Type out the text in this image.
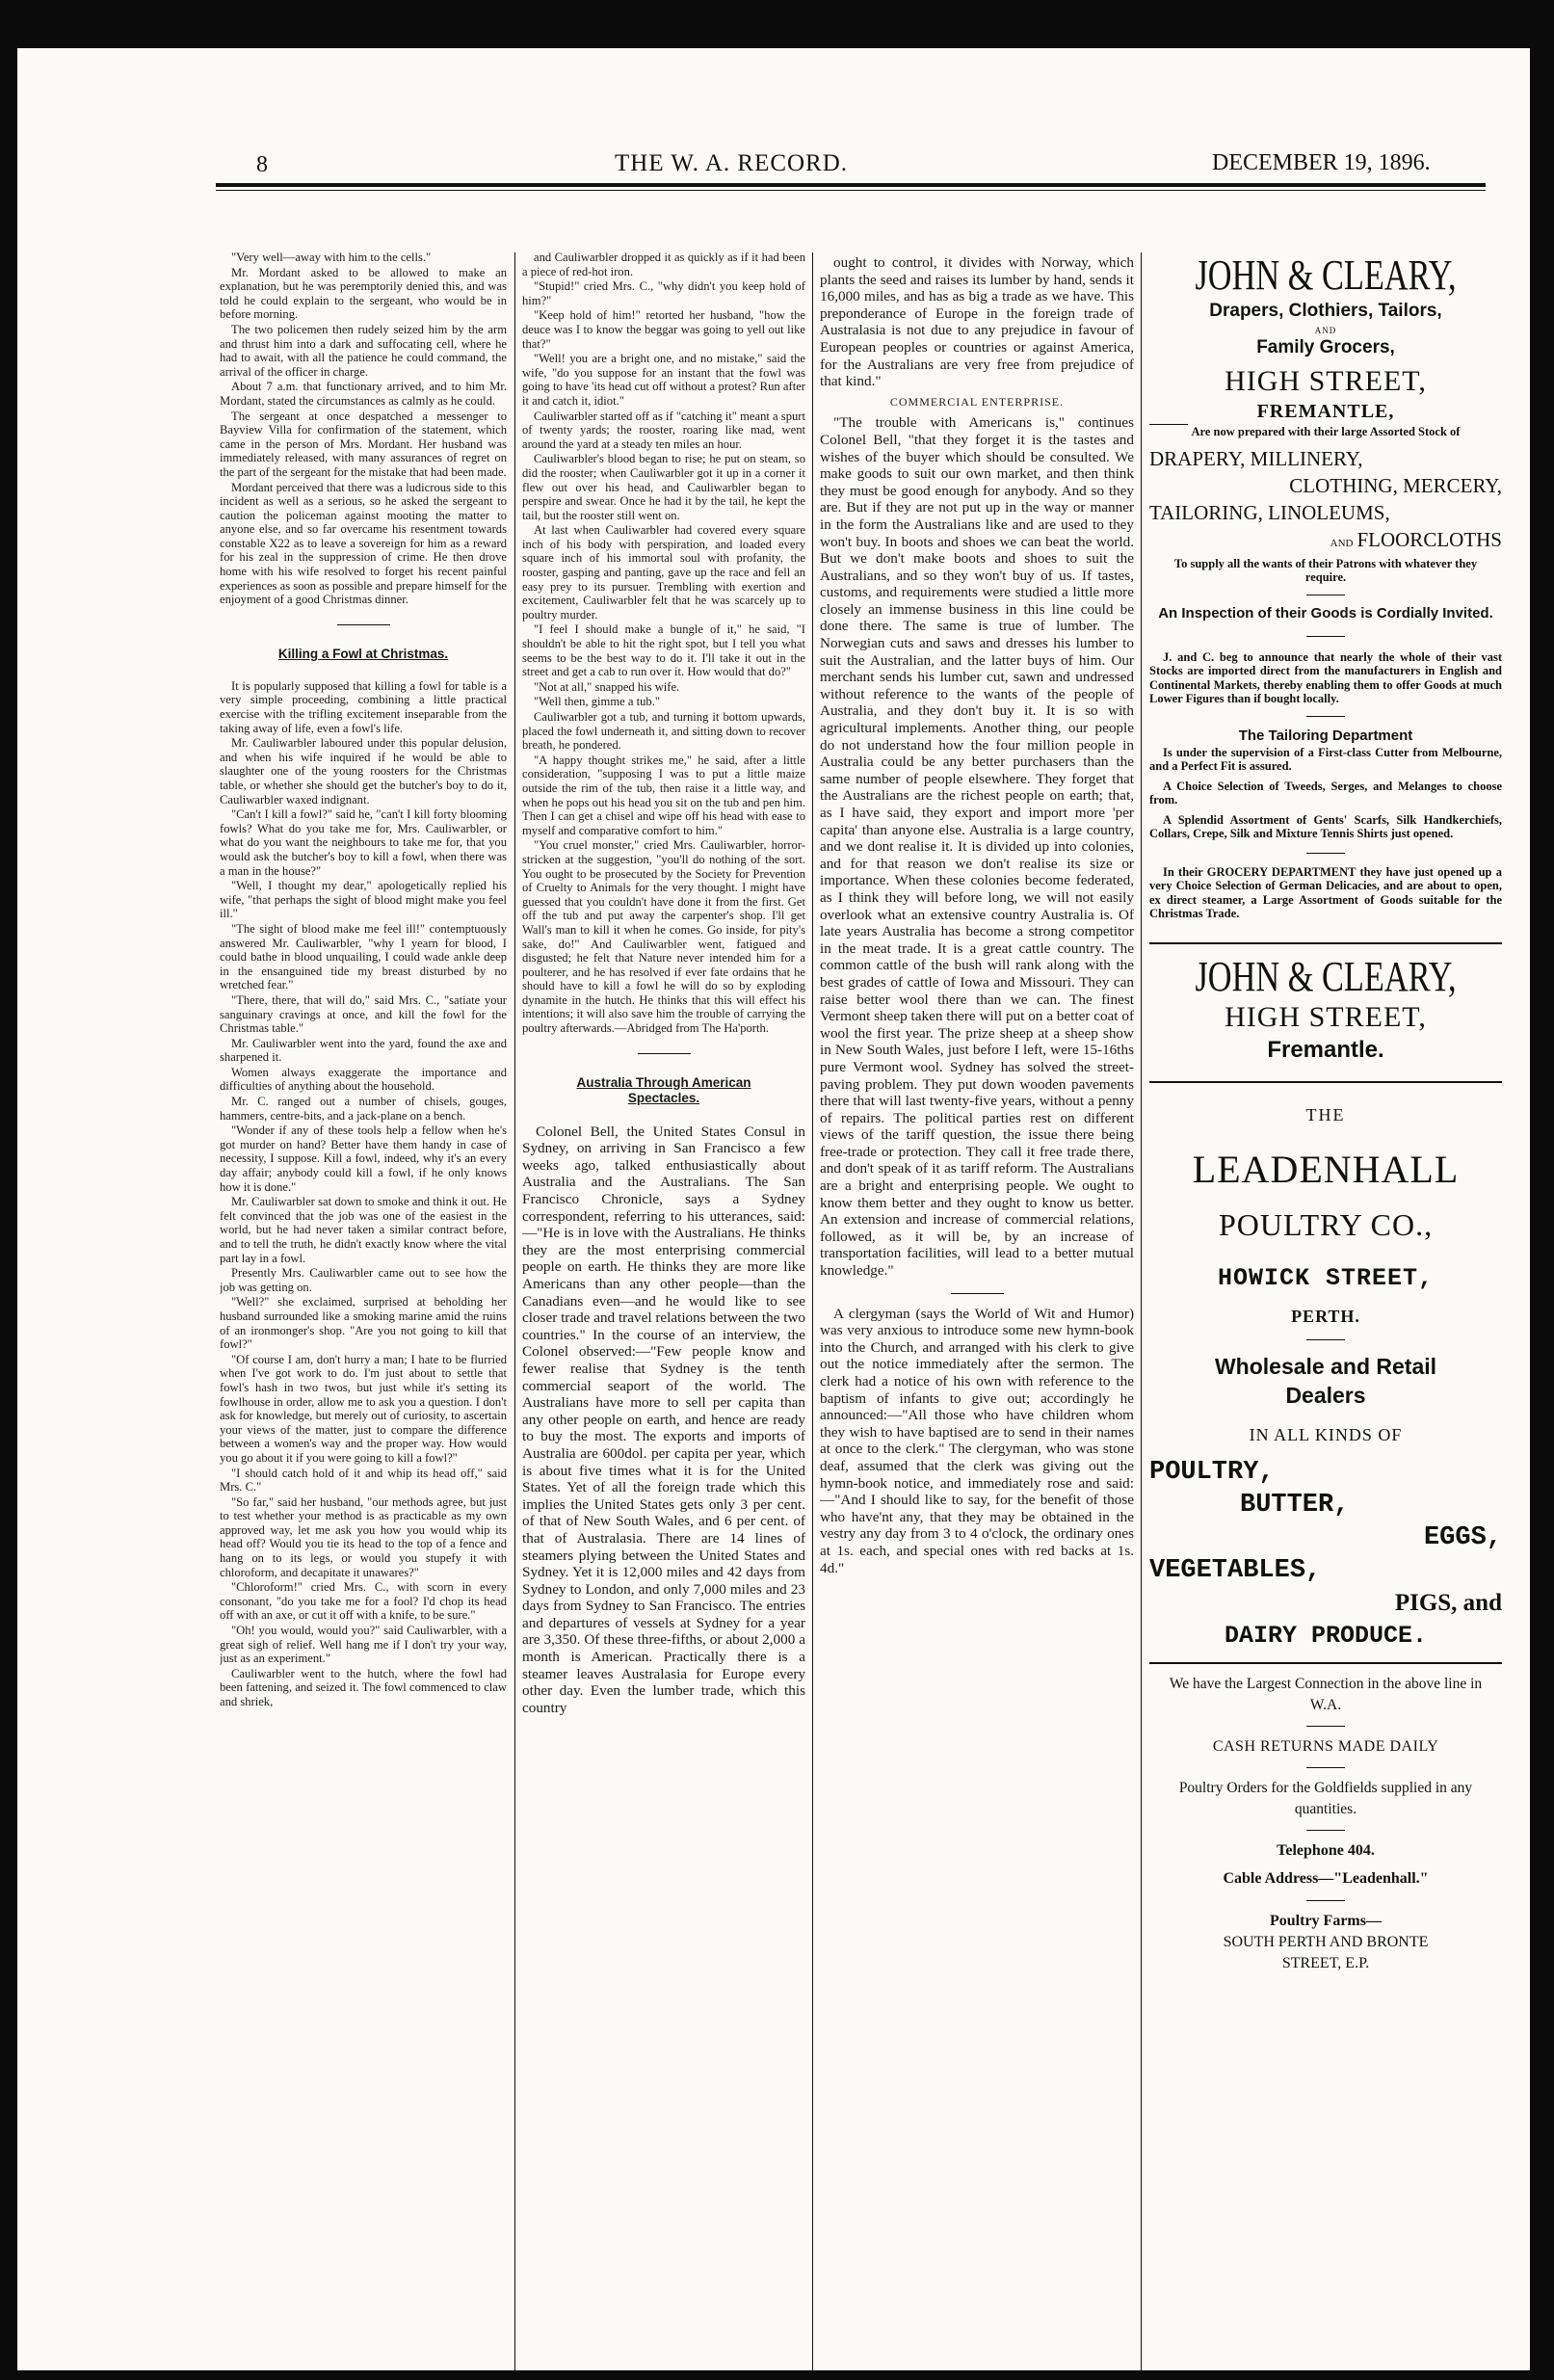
8	THE W. A. RECORD.	DECEMBER 19, 1896.

"Very well—away with him to the cells."

Mr. Mordant asked to be allowed to make an explanation, but he was peremptorily denied this, and was told he could explain to the sergeant, who would be in before morning.

The two policemen then rudely seized him by the arm and thrust him into a dark and suffocating cell, where he had to await, with all the patience he could command, the arrival of the officer in charge.

About 7 a.m. that functionary arrived, and to him Mr. Mordant, stated the circumstances as calmly as he could.

The sergeant at once despatched a messenger to Bayview Villa for confirmation of the statement, which came in the person of Mrs. Mordant. Her husband was immediately released, with many assurances of regret on the part of the sergeant for the mistake that had been made.

Mordant perceived that there was a ludicrous side to this incident as well as a serious, so he asked the sergeant to caution the policeman against mooting the matter to anyone else, and so far overcame his resentment towards constable X22 as to leave a sovereign for him as a reward for his zeal in the suppression of crime. He then drove home with his wife resolved to forget his recent painful experiences as soon as possible and prepare himself for the enjoyment of a good Christmas dinner.

Killing a Fowl at Christmas.

It is popularly supposed that killing a fowl for table is a very simple proceeding, combining a little practical exercise with the trifling excitement inseparable from the taking away of life, even a fowl's life.

Mr. Cauliwarbler laboured under this popular delusion, and when his wife inquired if he would be able to slaughter one of the young roosters for the Christmas table, or whether she should get the butcher's boy to do it, Cauliwarbler waxed indignant.

"Can't I kill a fowl?" said he, "can't I kill forty blooming fowls? What do you take me for, Mrs. Cauliwarbler, or what do you want the neighbours to take me for, that you would ask the butcher's boy to kill a fowl, when there was a man in the house?"

"Well, I thought my dear," apologetically replied his wife, "that perhaps the sight of blood might make you feel ill."

"The sight of blood make me feel ill!" contemptuously answered Mr. Cauliwarbler, "why I yearn for blood, I could bathe in blood unquailing, I could wade ankle deep in the ensanguined tide my breast disturbed by no wretched fear."

"There, there, that will do," said Mrs. C., "satiate your sanguinary cravings at once, and kill the fowl for the Christmas table."

Mr. Cauliwarbler went into the yard, found the axe and sharpened it.

Women always exaggerate the importance and difficulties of anything about the household.

Mr. C. ranged out a number of chisels, gouges, hammers, centre-bits, and a jack-plane on a bench.

"Wonder if any of these tools help a fellow when he's got murder on hand? Better have them handy in case of necessity, I suppose. Kill a fowl, indeed, why it's an every day affair; anybody could kill a fowl, if he only knows how it is done."

Mr. Cauliwarbler sat down to smoke and think it out. He felt convinced that the job was one of the easiest in the world, but he had never taken a similar contract before, and to tell the truth, he didn't exactly know where the vital part lay in a fowl.

Presently Mrs. Cauliwarbler came out to see how the job was getting on.

"Well?" she exclaimed, surprised at beholding her husband surrounded like a smoking marine amid the ruins of an ironmonger's shop. "Are you not going to kill that fowl?"

"Of course I am, don't hurry a man; I hate to be flurried when I've got work to do. I'm just about to settle that fowl's hash in two twos, but just while it's setting its fowlhouse in order, allow me to ask you a question. I don't ask for knowledge, but merely out of curiosity, to ascertain your views of the matter, just to compare the difference between a women's way and the proper way. How would you go about it if you were going to kill a fowl?"

"I should catch hold of it and whip its head off," said Mrs. C."

"So far," said her husband, "our methods agree, but just to test whether your method is as practicable as my own approved way, let me ask you how you would whip its head off? Would you tie its head to the top of a fence and hang on to its legs, or would you stupefy it with chloroform, and decapitate it unawares?"

"Chloroform!" cried Mrs. C., with scorn in every consonant, "do you take me for a fool? I'd chop its head off with an axe, or cut it off with a knife, to be sure."

"Oh! you would, would you?" said Cauliwarbler, with a great sigh of relief. Well hang me if I don't try your way, just as an experiment."

Cauliwarbler went to the hutch, where the fowl had been fattening, and seized it. The fowl commenced to claw and shriek,

and Cauliwarbler dropped it as quickly as if it had been a piece of red-hot iron.

"Stupid!" cried Mrs. C., "why didn't you keep hold of him?"

"Keep hold of him!" retorted her husband, "how the deuce was I to know the beggar was going to yell out like that?"

"Well! you are a bright one, and no mistake," said the wife, "do you suppose for an instant that the fowl was going to have 'its head cut off without a protest? Run after it and catch it, idiot."

Cauliwarbler started off as if "catching it" meant a spurt of twenty yards; the rooster, roaring like mad, went around the yard at a steady ten miles an hour.

Cauliwarbler's blood began to rise; he put on steam, so did the rooster; when Cauliwarbler got it up in a corner it flew out over his head, and Cauliwarbler began to perspire and swear. Once he had it by the tail, he kept the tail, but the rooster still went on.

At last when Cauliwarbler had covered every square inch of his body with perspiration, and loaded every square inch of his immortal soul with profanity, the rooster, gasping and panting, gave up the race and fell an easy prey to its pursuer. Trembling with exertion and excitement, Cauliwarbler felt that he was scarcely up to poultry murder.

"I feel I should make a bungle of it," he said, "I shouldn't be able to hit the right spot, but I tell you what seems to be the best way to do it. I'll take it out in the street and get a cab to run over it. How would that do?"

"Not at all," snapped his wife.

"Well then, gimme a tub."

Cauliwarbler got a tub, and turning it bottom upwards, placed the fowl underneath it, and sitting down to recover breath, he pondered.

"A happy thought strikes me," he said, after a little consideration, "supposing I was to put a little maize outside the rim of the tub, then raise it a little way, and when he pops out his head you sit on the tub and pen him. Then I can get a chisel and wipe off his head with ease to myself and comparative comfort to him."

"You cruel monster," cried Mrs. Cauliwarbler, horror-stricken at the suggestion, "you'll do nothing of the sort. You ought to be prosecuted by the Society for Prevention of Cruelty to Animals for the very thought. I might have guessed that you couldn't have done it from the first. Get off the tub and put away the carpenter's shop. I'll get Wall's man to kill it when he comes. Go inside, for pity's sake, do!" And Cauliwarbler went, fatigued and disgusted; he felt that Nature never intended him for a poulterer, and he has resolved if ever fate ordains that he should have to kill a fowl he will do so by exploding dynamite in the hutch. He thinks that this will effect his intentions; it will also save him the trouble of carrying the poultry afterwards.—Abridged from The Ha'porth.

Australia Through American Spectacles.

Colonel Bell, the United States Consul in Sydney, on arriving in San Francisco a few weeks ago, talked enthusiastically about Australia and the Australians. The San Francisco Chronicle, says a Sydney correspondent, referring to his utterances, said:—"He is in love with the Australians. He thinks they are the most enterprising commercial people on earth. He thinks they are more like Americans than any other people—than the Canadians even—and he would like to see closer trade and travel relations between the two countries." In the course of an interview, the Colonel observed:—"Few people know and fewer realise that Sydney is the tenth commercial seaport of the world. The Australians have more to sell per capita than any other people on earth, and hence are ready to buy the most. The exports and imports of Australia are 600dol. per capita per year, which is about five times what it is for the United States. Yet of all the foreign trade which this implies the United States gets only 3 per cent. of that of New South Wales, and 6 per cent. of that of Australasia. There are 14 lines of steamers plying between the United States and Sydney. Yet it is 12,000 miles and 42 days from Sydney to London, and only 7,000 miles and 23 days from Sydney to San Francisco. The entries and departures of vessels at Sydney for a year are 3,350. Of these three-fifths, or about 2,000 a month is American. Practically there is a steamer leaves Australasia for Europe every other day. Even the lumber trade, which this country

ought to control, it divides with Norway, which plants the seed and raises its lumber by hand, sends it 16,000 miles, and has as big a trade as we have. This preponderance of Europe in the foreign trade of Australasia is not due to any prejudice in favour of European peoples or countries or against America, for the Australians are very free from prejudice of that kind."

COMMERCIAL ENTERPRISE.

"The trouble with Americans is," continues Colonel Bell, "that they forget it is the tastes and wishes of the buyer which should be consulted. We make goods to suit our own market, and then think they must be good enough for anybody. And so they are. But if they are not put up in the way or manner in the form the Australians like and are used to they won't buy. In boots and shoes we can beat the world. But we don't make boots and shoes to suit the Australians, and so they won't buy of us. If tastes, customs, and requirements were studied a little more closely an immense business in this line could be done there. The same is true of lumber. The Norwegian cuts and saws and dresses his lumber to suit the Australian, and the latter buys of him. Our merchant sends his lumber cut, sawn and undressed without reference to the wants of the people of Australia, and they don't buy it. It is so with agricultural implements. Another thing, our people do not understand how the four million people in Australia could be any better purchasers than the same number of people elsewhere. They forget that the Australians are the richest people on earth; that, as I have said, they export and import more 'per capita' than anyone else. Australia is a large country, and we dont realise it. It is divided up into colonies, and for that reason we don't realise its size or importance. When these colonies become federated, as I think they will before long, we will not easily overlook what an extensive country Australia is. Of late years Australia has become a strong competitor in the meat trade. It is a great cattle country. The common cattle of the bush will rank along with the best grades of cattle of Iowa and Missouri. They can raise better wool there than we can. The finest Vermont sheep taken there will put on a better coat of wool the first year. The prize sheep at a sheep show in New South Wales, just before I left, were 15-16ths pure Vermont wool. Sydney has solved the street-paving problem. They put down wooden pavements there that will last twenty-five years, without a penny of repairs. The political parties rest on different views of the tariff question, the issue there being free-trade or protection. They call it free trade there, and don't speak of it as tariff reform. The Australians are a bright and enterprising people. We ought to know them better and they ought to know us better. An extension and increase of commercial relations, followed, as it will be, by an increase of transportation facilities, will lead to a better mutual knowledge."

A clergyman (says the World of Wit and Humor) was very anxious to introduce some new hymn-book into the Church, and arranged with his clerk to give out the notice immediately after the sermon. The clerk had a notice of his own with reference to the baptism of infants to give out; accordingly he announced:—"All those who have children whom they wish to have baptised are to send in their names at once to the clerk." The clergyman, who was stone deaf, assumed that the clerk was giving out the hymn-book notice, and immediately rose and said:—"And I should like to say, for the benefit of those who have'nt any, that they may be obtained in the vestry any day from 3 to 4 o'clock, the ordinary ones at 1s. each, and special ones with red backs at 1s. 4d."

JOHN & CLEARY,
Drapers, Clothiers, Tailors,
AND
Family Grocers,
HIGH STREET,
FREMANTLE,
Are now prepared with their large Assorted Stock of
DRAPERY, MILLINERY,
CLOTHING, MERCERY,
TAILORING, LINOLEUMS,
AND FLOORCLOTHS
To supply all the wants of their Patrons with whatever they require.
An Inspection of their Goods is Cordially Invited.
J. and C. beg to announce that nearly the whole of their vast Stocks are imported direct from the manufacturers in English and Continental Markets, thereby enabling them to offer Goods at much Lower Figures than if bought locally.
The Tailoring Department
Is under the supervision of a First-class Cutter from Melbourne, and a Perfect Fit is assured.
A Choice Selection of Tweeds, Serges, and Melanges to choose from.
A Splendid Assortment of Gents' Scarfs, Silk Handkerchiefs, Collars, Crepe, Silk and Mixture Tennis Shirts just opened.
In their GROCERY DEPARTMENT they have just opened up a very Choice Selection of German Delicacies, and are about to open, ex direct steamer, a Large Assortment of Goods suitable for the Christmas Trade.
JOHN & CLEARY,
HIGH STREET,
Fremantle.
THE
LEADENHALL
POULTRY CO.,
HOWICK STREET,
PERTH.
Wholesale and Retail
Dealers
IN ALL KINDS OF
POULTRY,
BUTTER,
EGGS,
VEGETABLES,
PIGS, and
DAIRY PRODUCE.
We have the Largest Connection in the above line in W.A.
CASH RETURNS MADE DAILY
Poultry Orders for the Goldfields supplied in any quantities.
Telephone 404.
Cable Address—"Leadenhall."
Poultry Farms—
SOUTH PERTH AND BRONTE
STREET, E.P.
